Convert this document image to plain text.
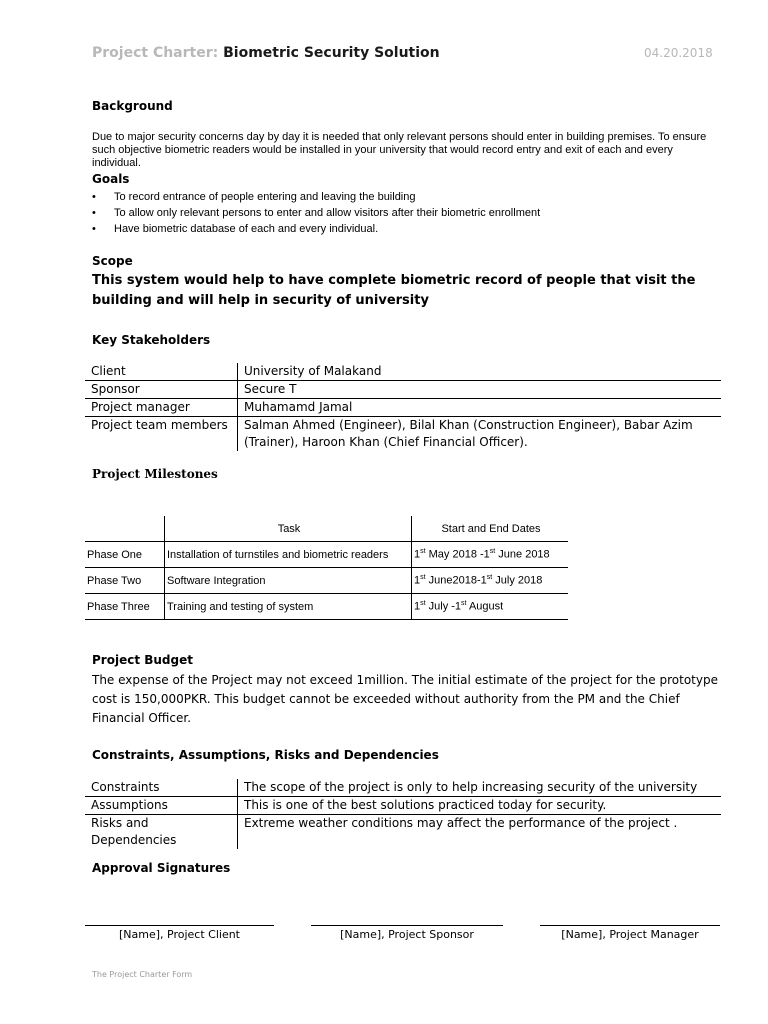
Project Charter: Biometric Security Solution	04.20.2018
Background
Due to major security concerns day by day it is needed that only relevant persons should enter in building premises. To ensure such objective biometric readers would be installed in your university that would record entry and exit of each and every individual.
Goals
• To record entrance of people entering and leaving the building
• To allow only relevant persons to enter and allow visitors after their biometric enrollment
• Have biometric database of each and every individual.
Scope
This system would help to have complete biometric record of people that visit the building and will help in security of university
Key Stakeholders
Client	University of Malakand
Sponsor	Secure T
Project manager	Muhamamd Jamal
Project team members	Salman Ahmed (Engineer), Bilal Khan (Construction Engineer), Babar Azim (Trainer), Haroon Khan (Chief Financial Officer).
Project Milestones
	Task	Start and End Dates
Phase One	Installation of turnstiles and biometric readers	1st May 2018 -1st June 2018
Phase Two	Software Integration	1st June2018-1st July 2018
Phase Three	Training and testing of system	1st July -1st August
Project Budget
The expense of the Project may not exceed 1million. The initial estimate of the project for the prototype cost is 150,000PKR. This budget cannot be exceeded without authority from the PM and the Chief Financial Officer.
Constraints, Assumptions, Risks and Dependencies
Constraints	The scope of the project is only to help increasing security of the university
Assumptions	This is one of the best solutions practiced today for security.
Risks and Dependencies	Extreme weather conditions may affect the performance of the project .
Approval Signatures
[Name], Project Client	[Name], Project Sponsor	[Name], Project Manager
The Project Charter Form
